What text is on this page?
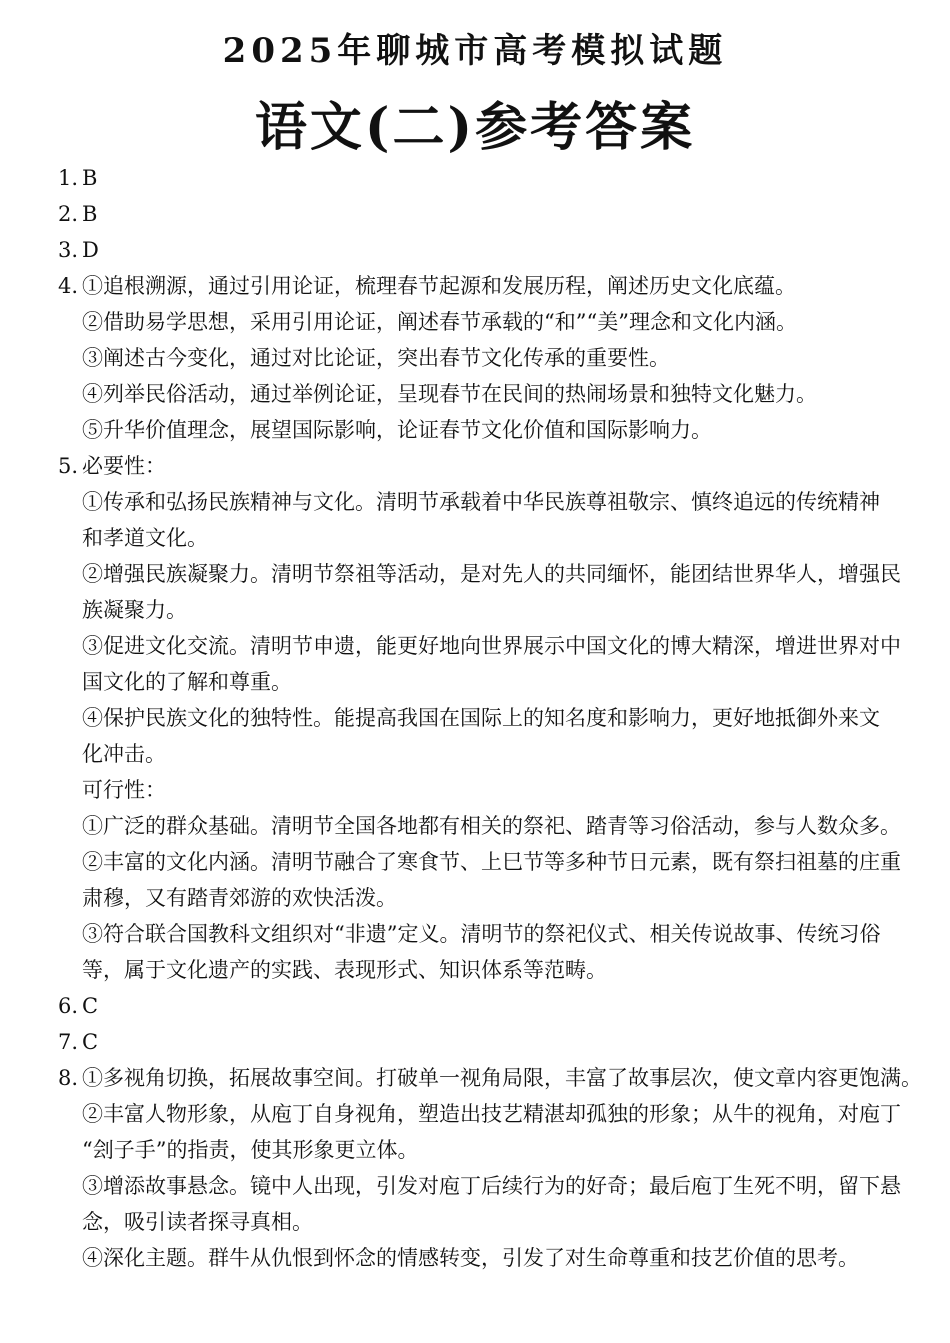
2025年聊城市高考模拟试题
语文(二)参考答案
1. B
2. B
3. D
4. ①追根溯源，通过引用论证，梳理春节起源和发展历程，阐述历史文化底蕴。
②借助易学思想，采用引用论证，阐述春节承载的“和”“美”理念和文化内涵。
③阐述古今变化，通过对比论证，突出春节文化传承的重要性。
④列举民俗活动，通过举例论证，呈现春节在民间的热闹场景和独特文化魅力。
⑤升华价值理念，展望国际影响，论证春节文化价值和国际影响力。
5. 必要性：
①传承和弘扬民族精神与文化。清明节承载着中华民族尊祖敬宗、慎终追远的传统精神
和孝道文化。
②增强民族凝聚力。清明节祭祖等活动，是对先人的共同缅怀，能团结世界华人，增强民
族凝聚力。
③促进文化交流。清明节申遗，能更好地向世界展示中国文化的博大精深，增进世界对中
国文化的了解和尊重。
④保护民族文化的独特性。能提高我国在国际上的知名度和影响力，更好地抵御外来文
化冲击。
可行性：
①广泛的群众基础。清明节全国各地都有相关的祭祀、踏青等习俗活动，参与人数众多。
②丰富的文化内涵。清明节融合了寒食节、上巳节等多种节日元素，既有祭扫祖墓的庄重
肃穆，又有踏青郊游的欢快活泼。
③符合联合国教科文组织对“非遗”定义。清明节的祭祀仪式、相关传说故事、传统习俗
等，属于文化遗产的实践、表现形式、知识体系等范畴。
6. C
7. C
8. ①多视角切换，拓展故事空间。打破单一视角局限，丰富了故事层次，使文章内容更饱满。
②丰富人物形象，从庖丁自身视角，塑造出技艺精湛却孤独的形象；从牛的视角，对庖丁
“刽子手”的指责，使其形象更立体。
③增添故事悬念。镜中人出现，引发对庖丁后续行为的好奇；最后庖丁生死不明，留下悬
念，吸引读者探寻真相。
④深化主题。群牛从仇恨到怀念的情感转变，引发了对生命尊重和技艺价值的思考。
